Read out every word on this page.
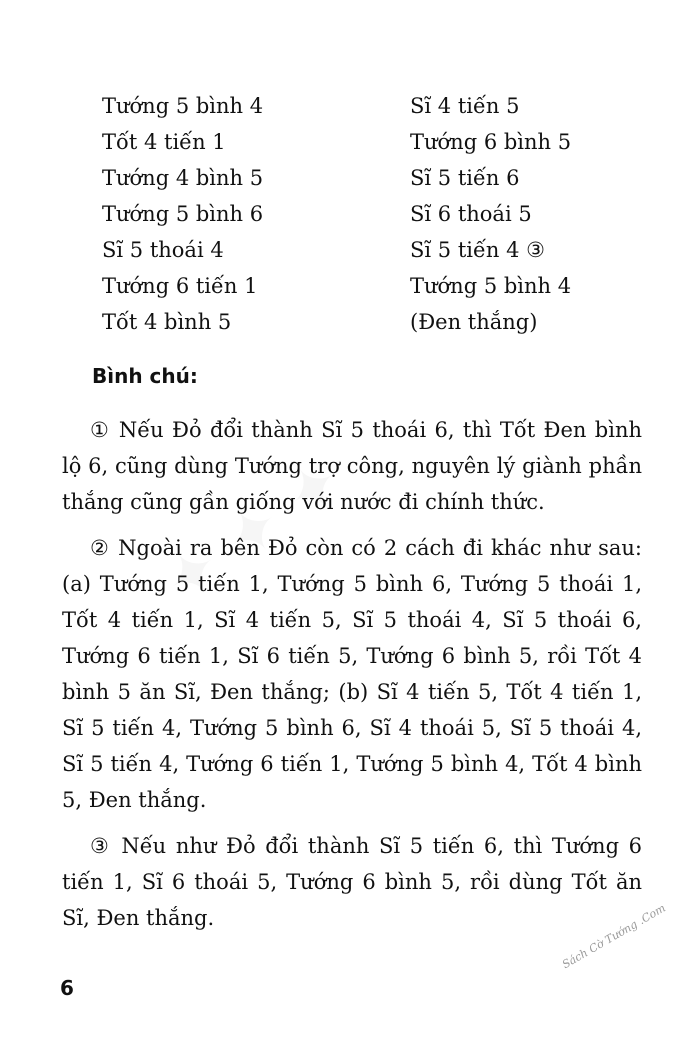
Tướng 5 bình 4
Tốt 4 tiến 1
Tướng 4 bình 5
Tướng 5 bình 6
Sĩ 5 thoái 4
Tướng 6 tiến 1
Tốt 4 bình 5
Sĩ 4 tiến 5
Tướng 6 bình 5
Sĩ 5 tiến 6
Sĩ 6 thoái 5
Sĩ 5 tiến 4 ③
Tướng 5 bình 4
(Đen thắng)
Bình chú:

① Nếu Đỏ đổi thành Sĩ 5 thoái 6, thì Tốt Đen bình lộ 6, cũng dùng Tướng trợ công, nguyên lý giành phần thắng cũng gần giống với nước đi chính thức.

② Ngoài ra bên Đỏ còn có 2 cách đi khác như sau: (a) Tướng 5 tiến 1, Tướng 5 bình 6, Tướng 5 thoái 1, Tốt 4 tiến 1, Sĩ 4 tiến 5, Sĩ 5 thoái 4, Sĩ 5 thoái 6, Tướng 6 tiến 1, Sĩ 6 tiến 5, Tướng 6 bình 5, rồi Tốt 4 bình 5 ăn Sĩ, Đen thắng; (b) Sĩ 4 tiến 5, Tốt 4 tiến 1, Sĩ 5 tiến 4, Tướng 5 bình 6, Sĩ 4 thoái 5, Sĩ 5 thoái 4, Sĩ 5 tiến 4, Tướng 6 tiến 1, Tướng 5 bình 4, Tốt 4 bình 5, Đen thắng.

③ Nếu như Đỏ đổi thành Sĩ 5 tiến 6, thì Tướng 6 tiến 1, Sĩ 6 thoái 5, Tướng 6 bình 5, rồi dùng Tốt ăn Sĩ, Đen thắng.

6
Sách Cờ Tướng .Com
